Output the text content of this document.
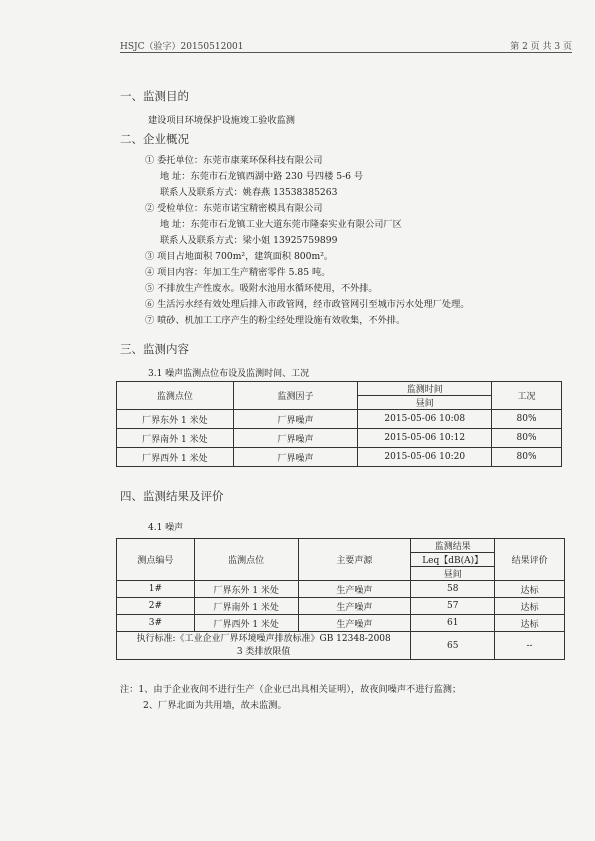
HSJC（验字）20150512001	第 2 页 共 3 页

一、监测目的
建设项目环境保护设施竣工验收监测
二、企业概况
① 委托单位：东莞市康莱环保科技有限公司
地 址：东莞市石龙镇西湖中路 230 号四楼 5-6 号
联系人及联系方式：姚春燕 13538385263
② 受检单位：东莞市诺宝精密模具有限公司
地 址：东莞市石龙镇工业大道东莞市隆泰实业有限公司厂区
联系人及联系方式：梁小姐 13925759899
③ 项目占地面积 700m²，建筑面积 800m²。
④ 项目内容：年加工生产精密零件 5.85 吨。
⑤ 不排放生产性废水。吸附水池用水循环使用，不外排。
⑥ 生活污水经有效处理后排入市政管网，经市政管网引至城市污水处理厂处理。
⑦ 喷砂、机加工工序产生的粉尘经处理设施有效收集，不外排。
三、监测内容
3.1 噪声监测点位布设及监测时间、工况
监测点位	监测因子	监测时间	工况
		昼间	
厂界东外 1 米处	厂界噪声	2015-05-06 10:08	80%
厂界南外 1 米处	厂界噪声	2015-05-06 10:12	80%
厂界西外 1 米处	厂界噪声	2015-05-06 10:20	80%
四、监测结果及评价
4.1 噪声
测点编号	监测点位	主要声源	监测结果	结果评价
			Leq【dB(A)】	
			昼间	
1#	厂界东外 1 米处	生产噪声	58	达标
2#	厂界南外 1 米处	生产噪声	57	达标
3#	厂界西外 1 米处	生产噪声	61	达标

执行标准:《工业企业厂界环境噪声排放标准》GB 12348-2008
3 类排放限值			65	--
注：1、由于企业夜间不进行生产（企业已出具相关证明），故夜间噪声不进行监测；
2、厂界北面为共用墙，故未监测。
